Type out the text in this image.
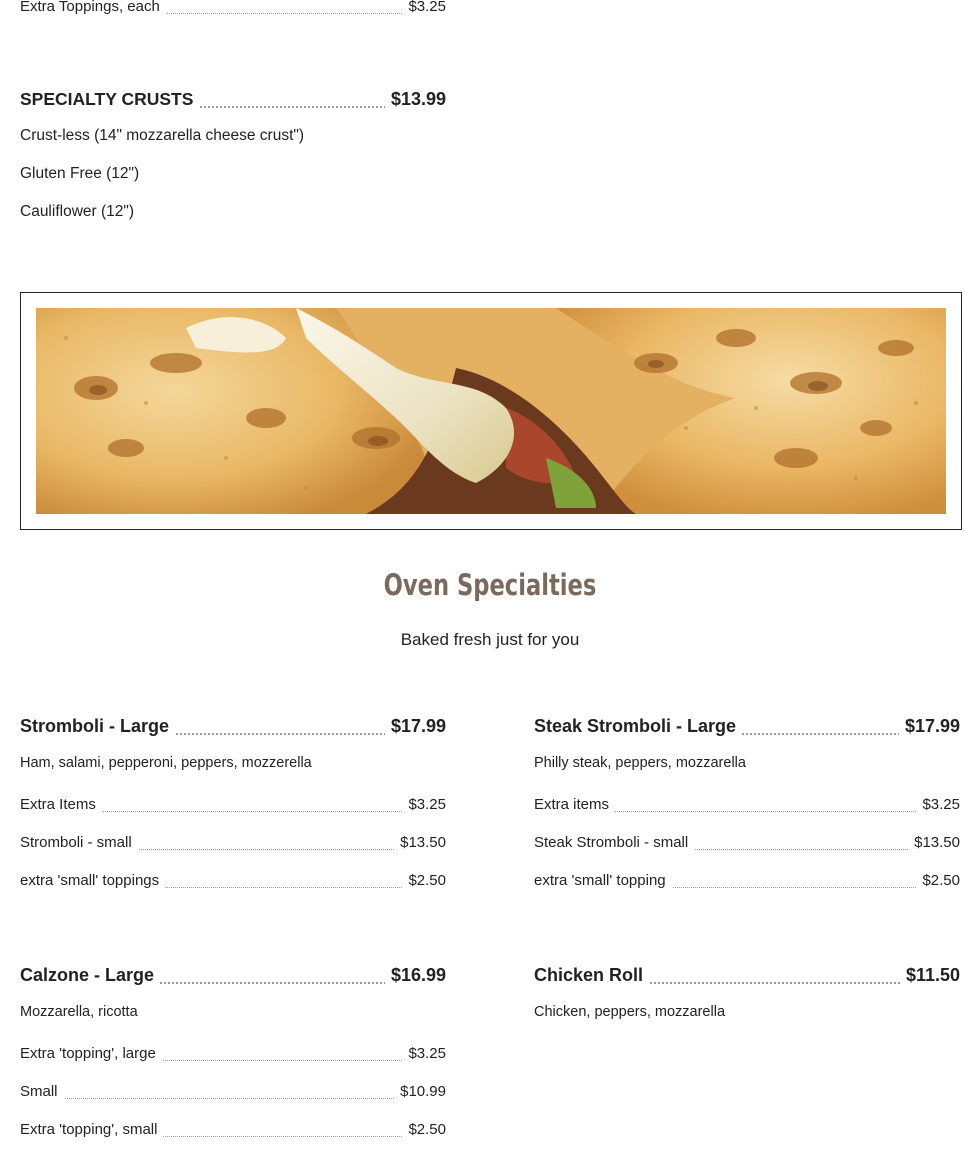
Extra Toppings, each	$3.25
SPECIALTY CRUSTS	$13.99
Crust-less (14" mozzarella cheese crust")
Gluten Free (12")
Cauliflower (12")
Oven Specialties
Baked fresh just for you
Stromboli - Large	$17.99
Ham, salami, pepperoni, peppers, mozzerella
Extra Items	$3.25
Stromboli - small	$13.50
extra 'small' toppings	$2.50
Steak Stromboli - Large	$17.99
Philly steak, peppers, mozzarella
Extra items	$3.25
Steak Stromboli - small	$13.50
extra 'small' topping	$2.50
Calzone - Large	$16.99
Mozzarella, ricotta
Extra 'topping', large	$3.25
Small	$10.99
Extra 'topping', small	$2.50
Chicken Roll	$11.50
Chicken, peppers, mozzarella
